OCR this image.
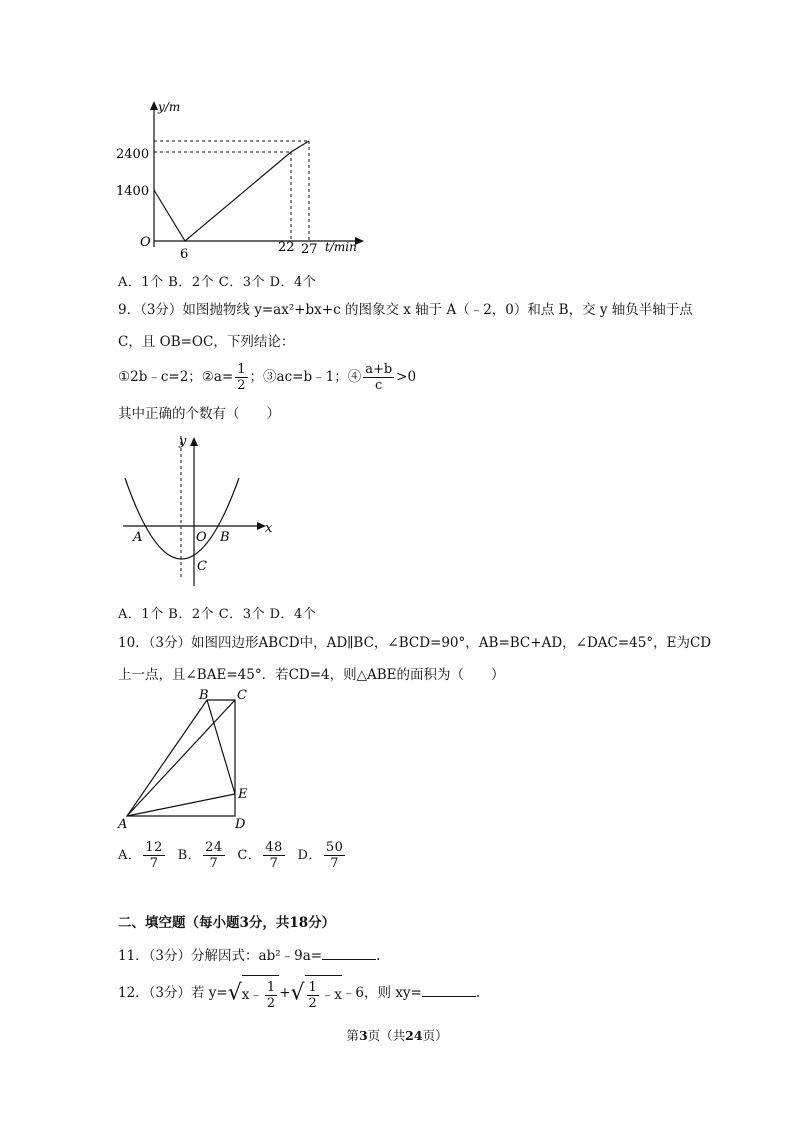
y/m
2400
1400
O
6	22 27 t/min
A．1个 B．2个 C．3个 D．4个
9．（3分）如图抛物线 y=ax²+bx+c 的图象交 x 轴于 A（﹣2，0）和点 B，交 y 轴负半轴于点
C，且 OB=OC，下列结论：
①2b﹣c=2；②a= $\frac{1}{2}$ ；③ac=b﹣1；④ $\frac{a+b}{c} >0$
其中正确的个数有（　　）
y
x
A	O B
C
A．1个 B．2个 C．3个 D．4个
10．（3分）如图四边形ABCD中，AD∥BC，∠BCD=90°，AB=BC+AD，∠DAC=45°，E为CD
上一点，且∠BAE=45°．若CD=4，则△ABE的面积为（　　）
B C
E
A	D
A． $\frac{12}{7}$ B． $\frac{24}{7}$ C． $\frac{48}{7}$ D． $\frac{50}{7}$
二、填空题（每小题3分，共18分）
11．（3分）分解因式：ab²﹣9a=	.
12．（3分）若 y=√x﹣ $\frac{1}{2}$ +√ $\frac{1}{2}$ ﹣x﹣6，则 xy=	.
第3页（共24页）
